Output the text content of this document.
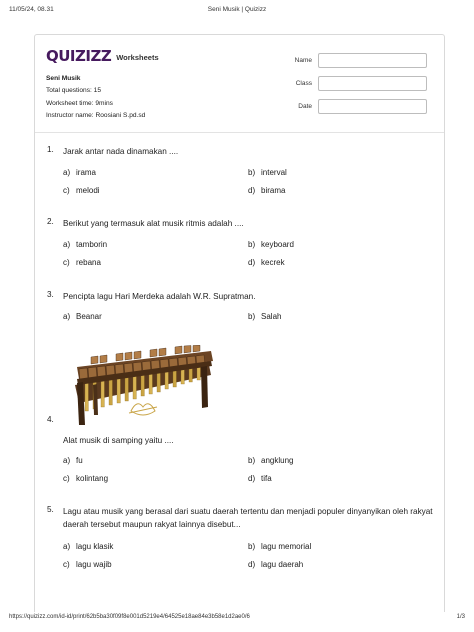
11/05/24, 08.31	Seni Musik | Quizizz
QUIZIZZ Worksheets
Seni Musik
Total questions: 15
Worksheet time: 9mins
Instructor name: Roosiani S.pd.sd
Name
Class
Date
1.	Jarak antar nada dinamakan ....
a) irama	b) interval
c) melodi	d) birama
2.	Berikut yang termasuk alat musik ritmis adalah ....
a) tamborin	b) keyboard
c) rebana	d) kecrek
3.	Pencipta lagu Hari Merdeka adalah W.R. Supratman.
a) Beanar	b) Salah
4.
Alat musik di samping yaitu ....
a) fu	b) angklung
c) kolintang	d) tifa
5.	Lagu atau musik yang berasal dari suatu daerah tertentu dan menjadi populer dinyanyikan oleh rakyat daerah tersebut maupun rakyat lainnya disebut...
a) lagu klasik	b) lagu memorial
c) lagu wajib	d) lagu daerah
https://quizizz.com/id-id/print/62b5ba30f09f8e001d5219e4/64525e18ae84e3b58e1d2ae0/6	1/3
